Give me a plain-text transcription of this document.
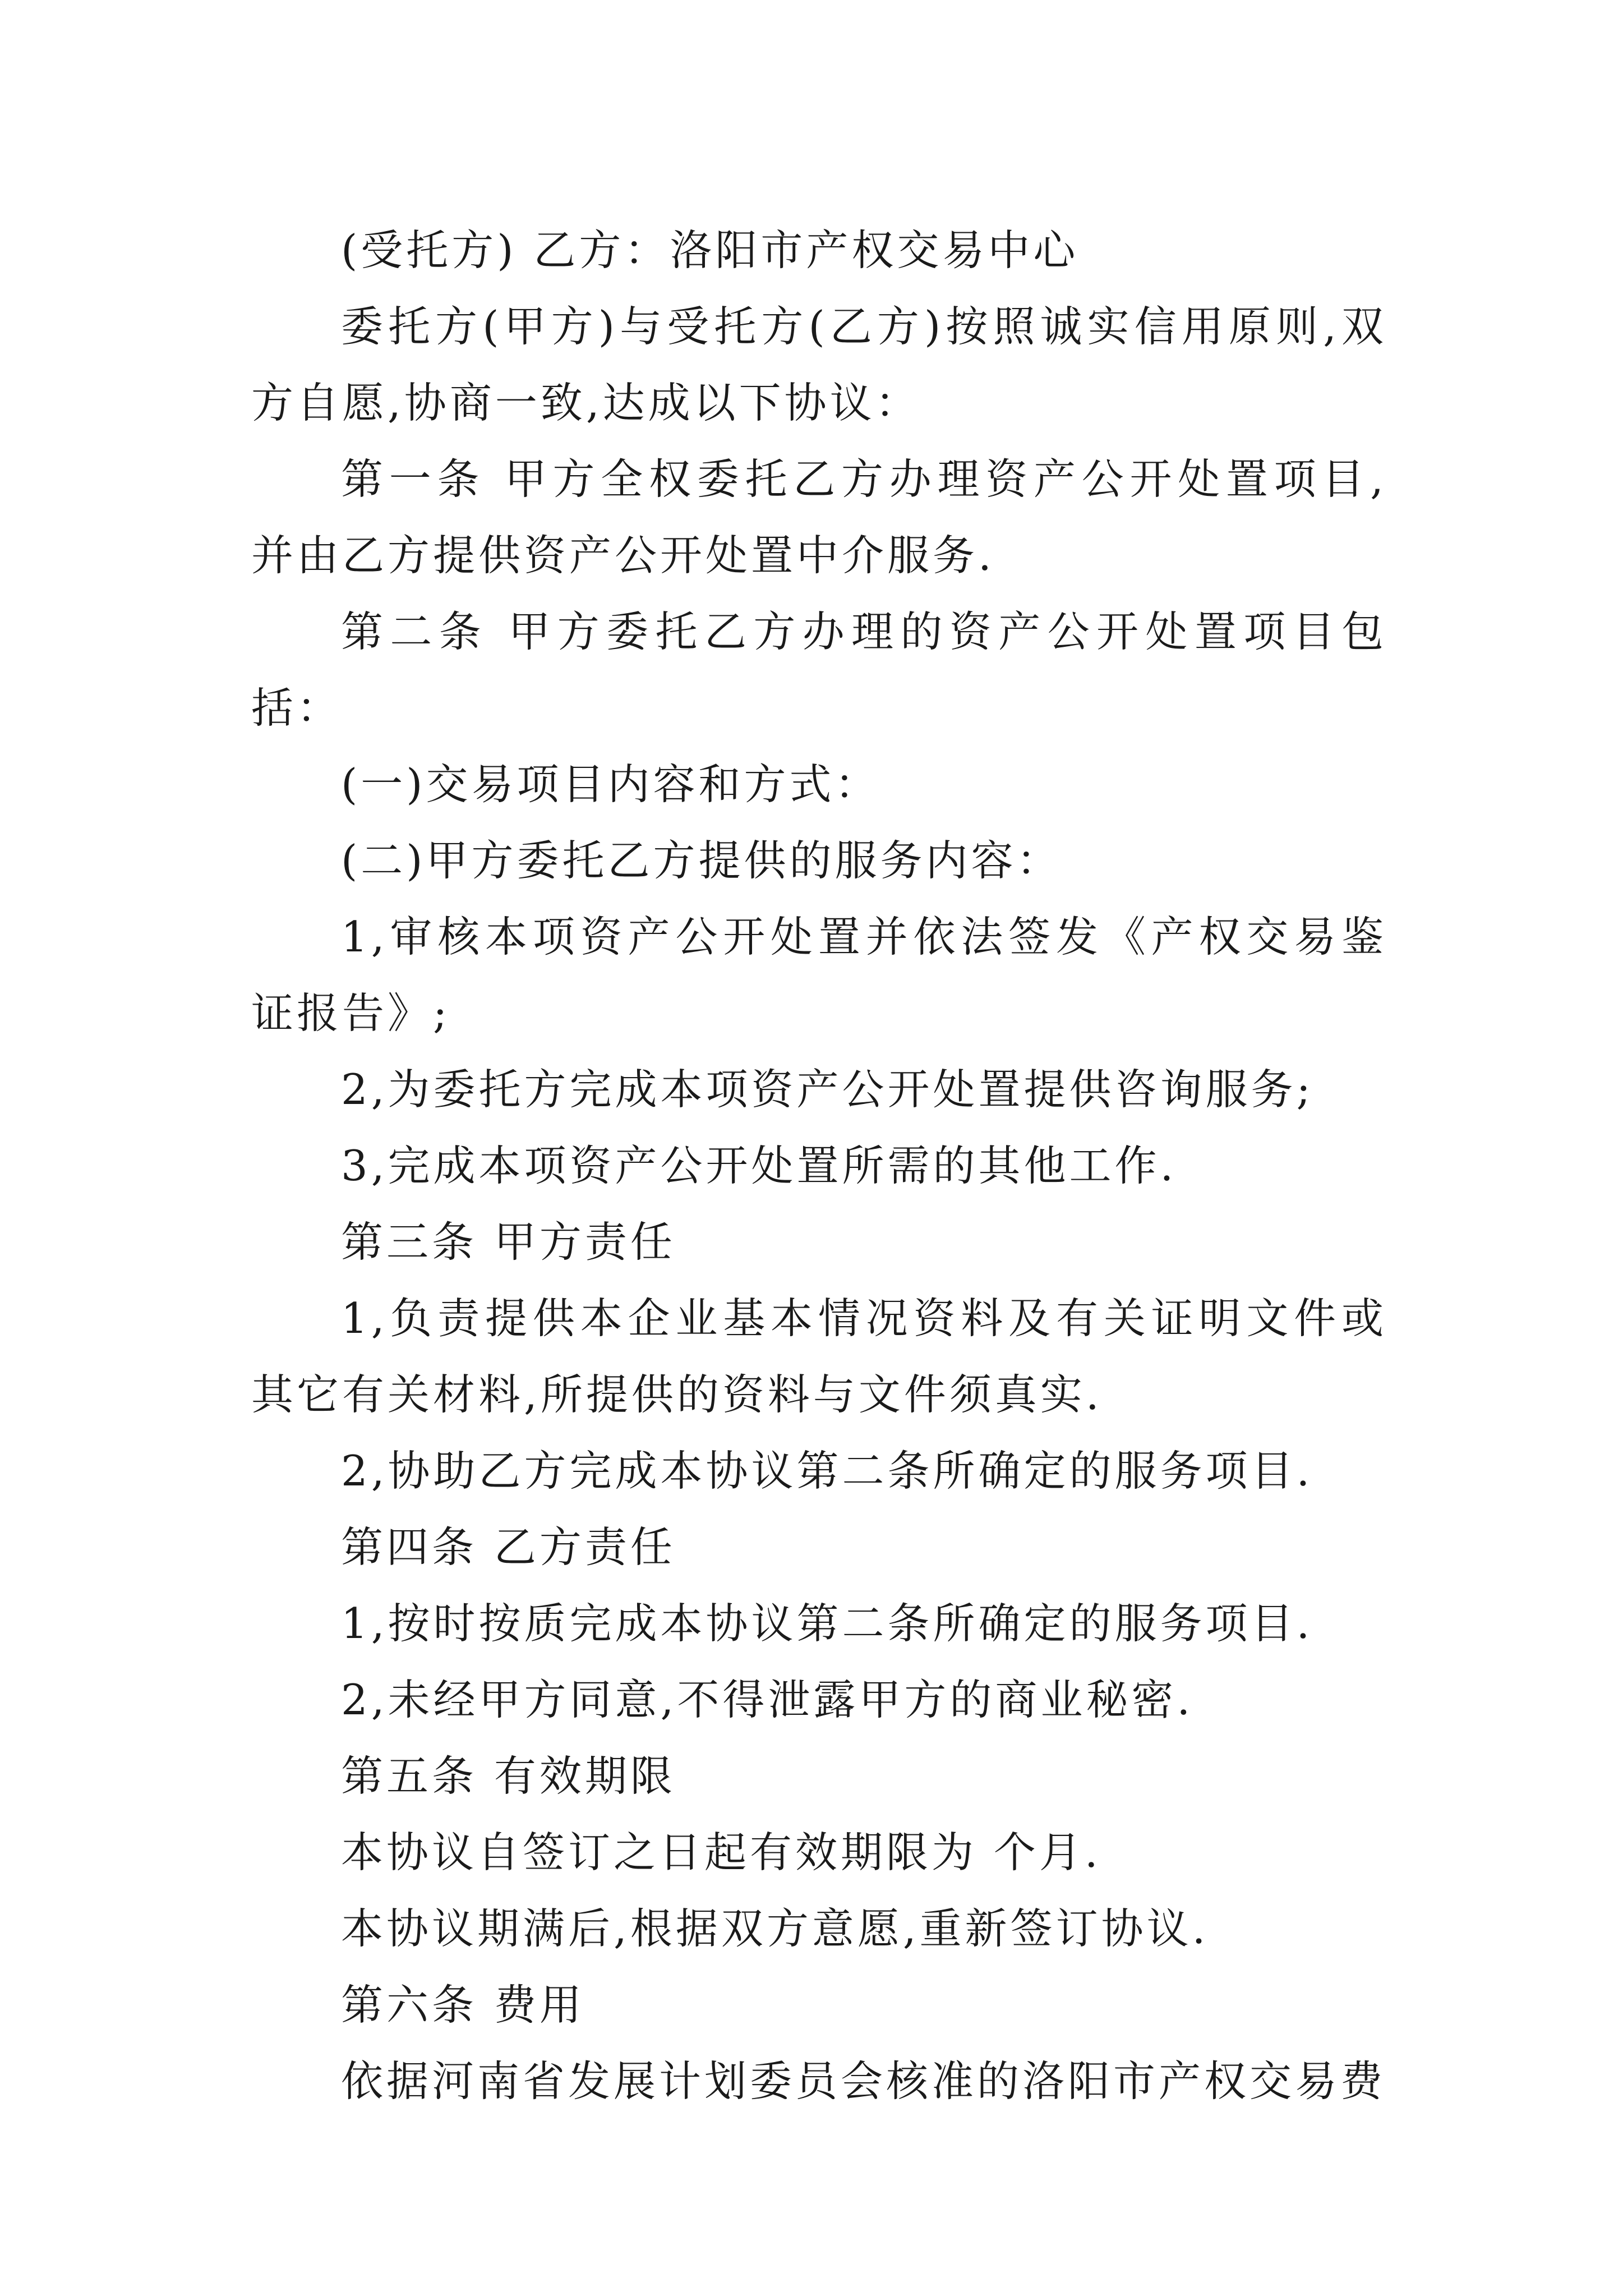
(受托方) 乙方：洛阳市产权交易中心

委托方(甲方)与受托方(乙方)按照诚实信用原则,双方自愿,协商一致,达成以下协议：

第一条 甲方全权委托乙方办理资产公开处置项目, 并由乙方提供资产公开处置中介服务.

第二条 甲方委托乙方办理的资产公开处置项目包括：

(一)交易项目内容和方式：

(二)甲方委托乙方提供的服务内容：

1,审核本项资产公开处置并依法签发《产权交易鉴证报告》;

2,为委托方完成本项资产公开处置提供咨询服务;

3,完成本项资产公开处置所需的其他工作.

第三条 甲方责任

1,负责提供本企业基本情况资料及有关证明文件或其它有关材料,所提供的资料与文件须真实.

2,协助乙方完成本协议第二条所确定的服务项目.

第四条 乙方责任

1,按时按质完成本协议第二条所确定的服务项目.

2,未经甲方同意,不得泄露甲方的商业秘密.

第五条 有效期限

本协议自签订之日起有效期限为 个月.

本协议期满后,根据双方意愿,重新签订协议.

第六条 费用

依据河南省发展计划委员会核准的洛阳市产权交易费
